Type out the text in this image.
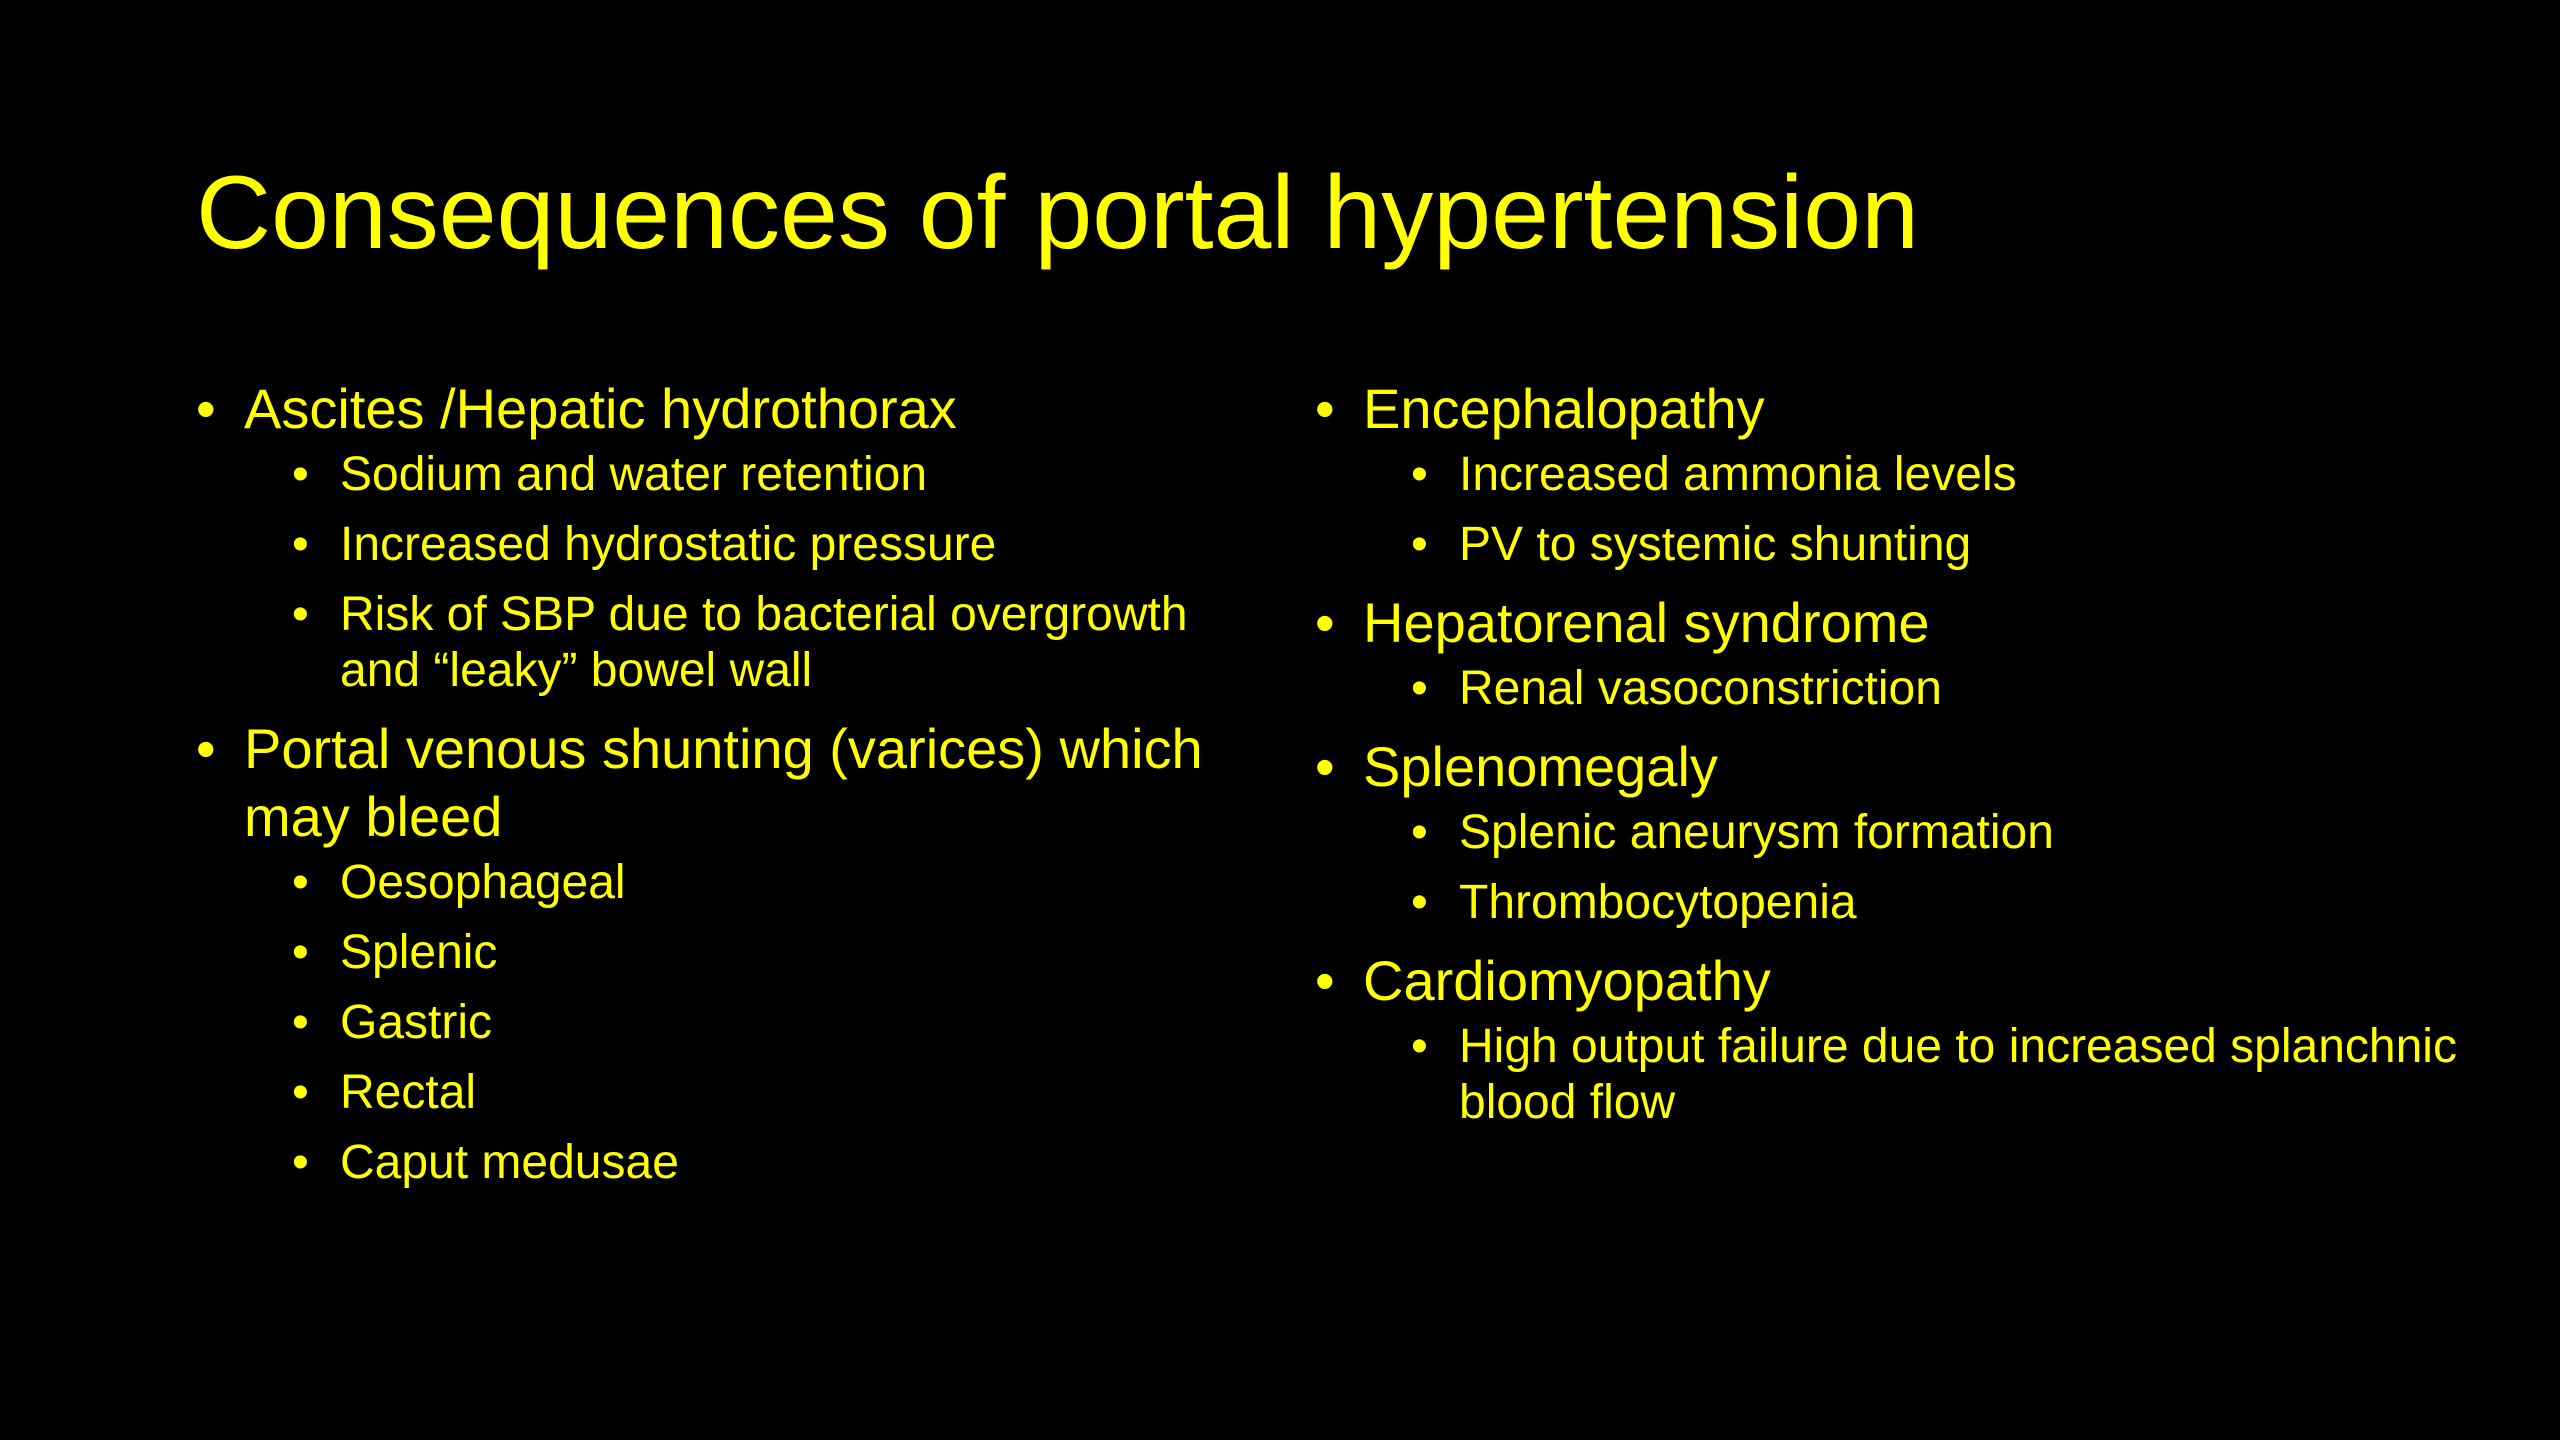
Consequences of portal hypertension
• Ascites /Hepatic hydrothorax
• Sodium and water retention
• Increased hydrostatic pressure
• Risk of SBP due to bacterial overgrowth and “leaky” bowel wall
• Portal venous shunting (varices) which may bleed
• Oesophageal
• Splenic
• Gastric
• Rectal
• Caput medusae
• Encephalopathy
• Increased ammonia levels
• PV to systemic shunting
• Hepatorenal syndrome
• Renal vasoconstriction
• Splenomegaly
• Splenic aneurysm formation
• Thrombocytopenia
• Cardiomyopathy
• High output failure due to increased splanchnic blood flow
